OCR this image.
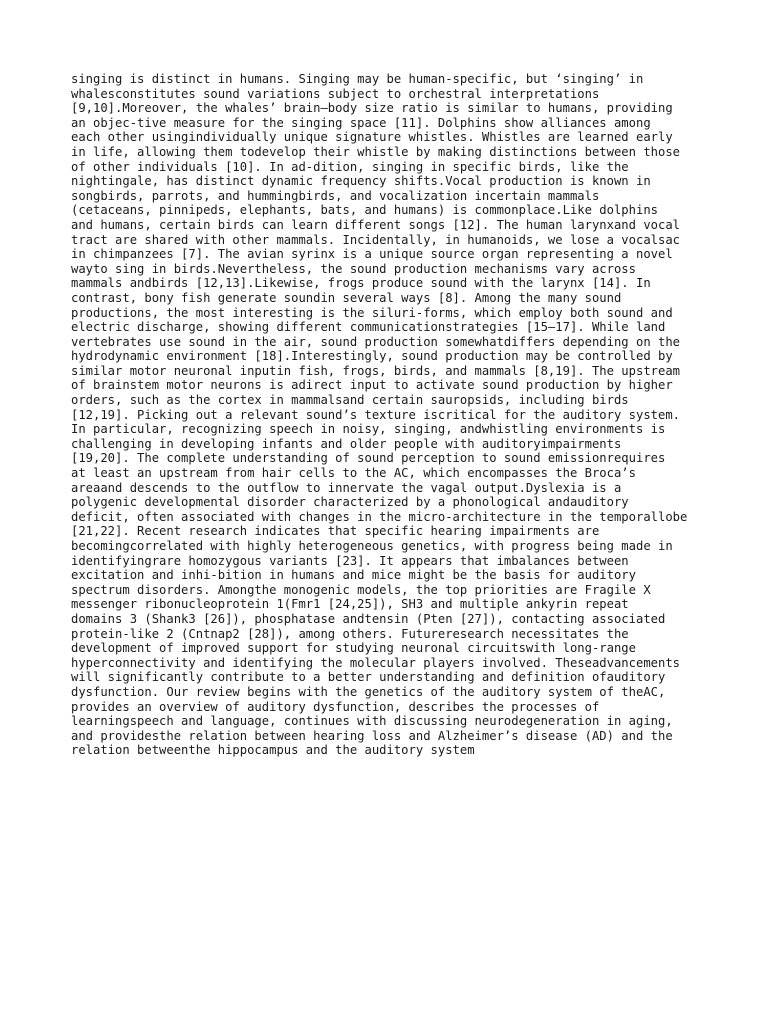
singing is distinct in humans. Singing may be human-specific, but ‘singing’ in
whalesconstitutes sound variations subject to orchestral interpretations
[9,10].Moreover, the whales’ brain–body size ratio is similar to humans, providing
an objec-tive measure for the singing space [11]. Dolphins show alliances among
each other usingindividually unique signature whistles. Whistles are learned early
in life, allowing them todevelop their whistle by making distinctions between those
of other individuals [10]. In ad-dition, singing in specific birds, like the
nightingale, has distinct dynamic frequency shifts.Vocal production is known in
songbirds, parrots, and hummingbirds, and vocalization incertain mammals
(cetaceans, pinnipeds, elephants, bats, and humans) is commonplace.Like dolphins
and humans, certain birds can learn different songs [12]. The human larynxand vocal
tract are shared with other mammals. Incidentally, in humanoids, we lose a vocalsac
in chimpanzees [7]. The avian syrinx is a unique source organ representing a novel
wayto sing in birds.Nevertheless, the sound production mechanisms vary across
mammals andbirds [12,13].Likewise, frogs produce sound with the larynx [14]. In
contrast, bony fish generate soundin several ways [8]. Among the many sound
productions, the most interesting is the siluri-forms, which employ both sound and
electric discharge, showing different communicationstrategies [15–17]. While land
vertebrates use sound in the air, sound production somewhatdiffers depending on the
hydrodynamic environment [18].Interestingly, sound production may be controlled by
similar motor neuronal inputin fish, frogs, birds, and mammals [8,19]. The upstream
of brainstem motor neurons is adirect input to activate sound production by higher
orders, such as the cortex in mammalsand certain sauropsids, including birds
[12,19]. Picking out a relevant sound’s texture iscritical for the auditory system.
In particular, recognizing speech in noisy, singing, andwhistling environments is
challenging in developing infants and older people with auditoryimpairments
[19,20]. The complete understanding of sound perception to sound emissionrequires
at least an upstream from hair cells to the AC, which encompasses the Broca’s
areaand descends to the outflow to innervate the vagal output.Dyslexia is a
polygenic developmental disorder characterized by a phonological andauditory
deficit, often associated with changes in the micro-architecture in the temporallobe
[21,22]. Recent research indicates that specific hearing impairments are
becomingcorrelated with highly heterogeneous genetics, with progress being made in
identifyingrare homozygous variants [23]. It appears that imbalances between
excitation and inhi-bition in humans and mice might be the basis for auditory
spectrum disorders. Amongthe monogenic models, the top priorities are Fragile X
messenger ribonucleoprotein 1(Fmr1 [24,25]), SH3 and multiple ankyrin repeat
domains 3 (Shank3 [26]), phosphatase andtensin (Pten [27]), contacting associated
protein-like 2 (Cntnap2 [28]), among others. Futureresearch necessitates the
development of improved support for studying neuronal circuitswith long-range
hyperconnectivity and identifying the molecular players involved. Theseadvancements
will significantly contribute to a better understanding and definition ofauditory
dysfunction. Our review begins with the genetics of the auditory system of theAC,
provides an overview of auditory dysfunction, describes the processes of
learningspeech and language, continues with discussing neurodegeneration in aging,
and providesthe relation between hearing loss and Alzheimer’s disease (AD) and the
relation betweenthe hippocampus and the auditory system
